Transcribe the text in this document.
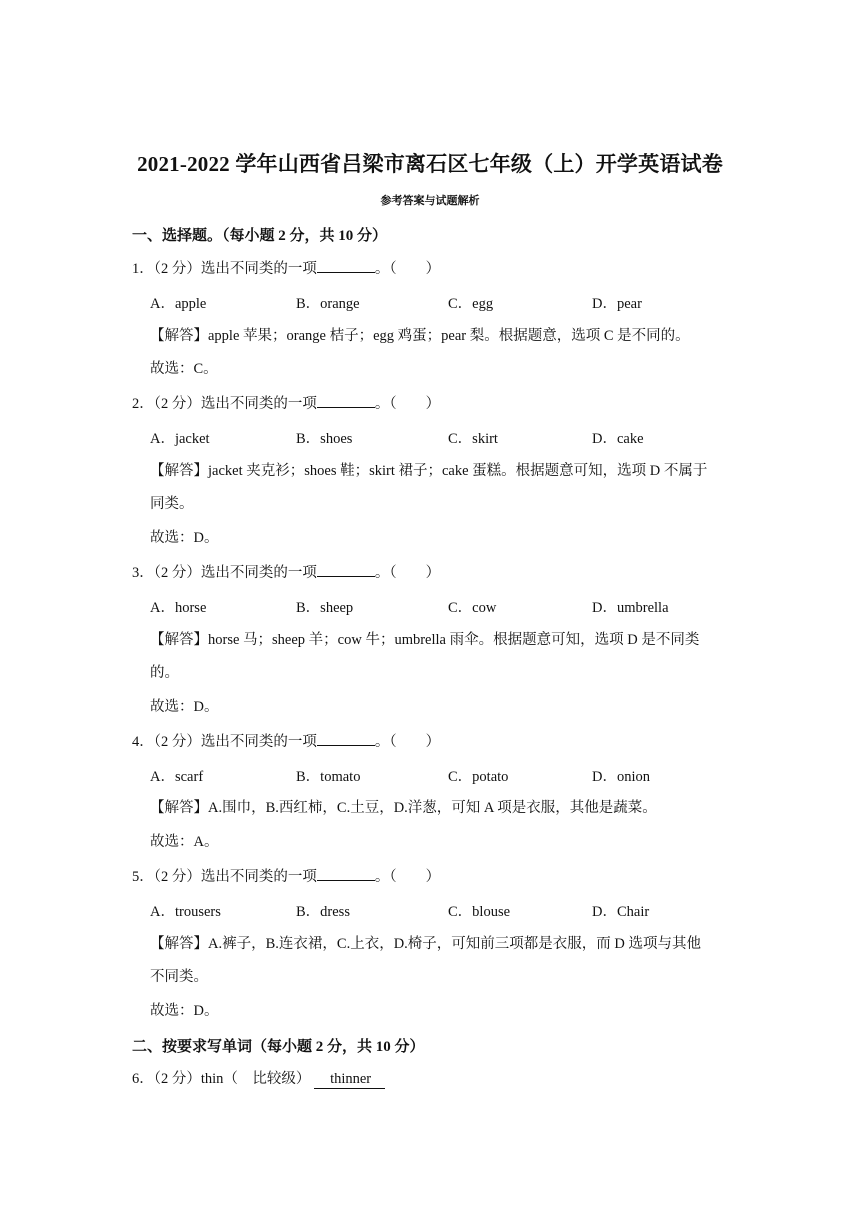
2021-2022 学年山西省吕梁市离石区七年级（上）开学英语试卷
参考答案与试题解析
一、选择题。（每小题 2 分，共 10 分）
1．（2 分）选出不同类的一项	。（　　）
A．apple	B．orange	C．egg	D．pear
【解答】apple 苹果；orange 桔子；egg 鸡蛋；pear 梨。根据题意，选项 C 是不同的。
故选：C。
2．（2 分）选出不同类的一项	。（　　）
A．jacket	B．shoes	C．skirt	D．cake
【解答】jacket 夹克衫；shoes 鞋；skirt 裙子；cake 蛋糕。根据题意可知，选项 D 不属于
同类。
故选：D。
3．（2 分）选出不同类的一项	。（　　）
A．horse	B．sheep	C．cow	D．umbrella
【解答】horse 马；sheep 羊；cow 牛；umbrella 雨伞。根据题意可知，选项 D 是不同类
的。
故选：D。
4．（2 分）选出不同类的一项	。（　　）
A．scarf	B．tomato	C．potato	D．onion
【解答】A.围巾，B.西红柿，C.土豆，D.洋葱，可知 A 项是衣服，其他是蔬菜。
故选：A。
5．（2 分）选出不同类的一项	。（　　）
A．trousers	B．dress	C．blouse	D．Chair
【解答】A.裤子，B.连衣裙，C.上衣，D.椅子，可知前三项都是衣服，而 D 选项与其他
不同类。
故选：D。
二、按要求写单词（每小题 2 分，共 10 分）
6．（2 分）thin（　比较级） thinner
